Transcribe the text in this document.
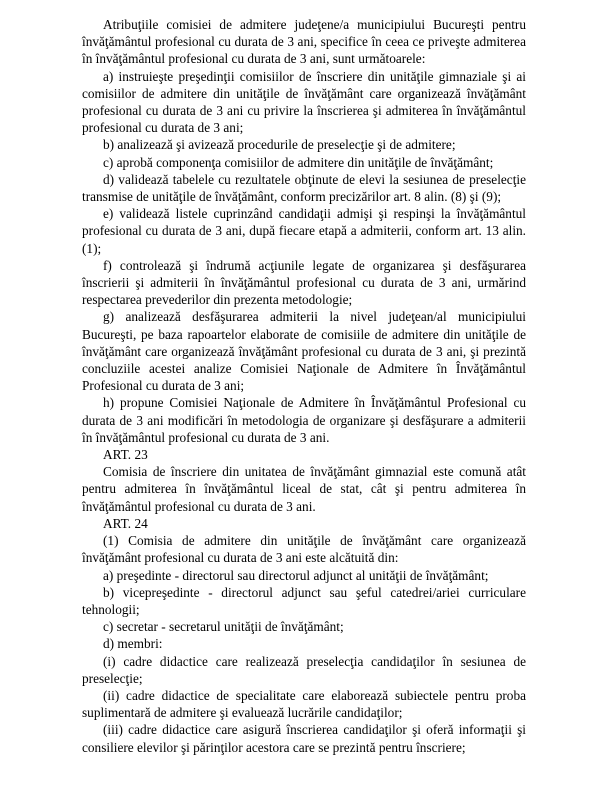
Atribuţiile comisiei de admitere judeţene/a municipiului Bucureşti pentru învăţământul profesional cu durata de 3 ani, specifice în ceea ce priveşte admiterea în învăţământul profesional cu durata de 3 ani, sunt următoarele:

a) instruieşte preşedinţii comisiilor de înscriere din unităţile gimnaziale şi ai comisiilor de admitere din unităţile de învăţământ care organizează învăţământ profesional cu durata de 3 ani cu privire la înscrierea şi admiterea în învăţământul profesional cu durata de 3 ani;

b) analizează şi avizează procedurile de preselecţie şi de admitere;

c) aprobă componenţa comisiilor de admitere din unităţile de învăţământ;

d) validează tabelele cu rezultatele obţinute de elevi la sesiunea de preselecţie transmise de unităţile de învăţământ, conform precizărilor art. 8 alin. (8) şi (9);

e) validează listele cuprinzând candidaţii admişi şi respinşi la învăţământul profesional cu durata de 3 ani, după fiecare etapă a admiterii, conform art. 13 alin. (1);

f) controlează şi îndrumă acţiunile legate de organizarea şi desfăşurarea înscrierii şi admiterii în învăţământul profesional cu durata de 3 ani, urmărind respectarea prevederilor din prezenta metodologie;

g) analizează desfăşurarea admiterii la nivel judeţean/al municipiului Bucureşti, pe baza rapoartelor elaborate de comisiile de admitere din unităţile de învăţământ care organizează învăţământ profesional cu durata de 3 ani, şi prezintă concluziile acestei analize Comisiei Naţionale de Admitere în Învăţământul Profesional cu durata de 3 ani;

h) propune Comisiei Naţionale de Admitere în Învăţământul Profesional cu durata de 3 ani modificări în metodologia de organizare şi desfăşurare a admiterii în învăţământul profesional cu durata de 3 ani.

ART. 23

Comisia de înscriere din unitatea de învăţământ gimnazial este comună atât pentru admiterea în învăţământul liceal de stat, cât şi pentru admiterea în învăţământul profesional cu durata de 3 ani.

ART. 24

(1) Comisia de admitere din unităţile de învăţământ care organizează învăţământ profesional cu durata de 3 ani este alcătuită din:

a) preşedinte - directorul sau directorul adjunct al unităţii de învăţământ;

b) vicepreşedinte - directorul adjunct sau şeful catedrei/ariei curriculare tehnologii;

c) secretar - secretarul unităţii de învăţământ;

d) membri:

(i) cadre didactice care realizează preselecţia candidaţilor în sesiunea de preselecţie;

(ii) cadre didactice de specialitate care elaborează subiectele pentru proba suplimentară de admitere şi evaluează lucrările candidaţilor;

(iii) cadre didactice care asigură înscrierea candidaţilor şi oferă informaţii şi consiliere elevilor şi părinţilor acestora care se prezintă pentru înscriere;
